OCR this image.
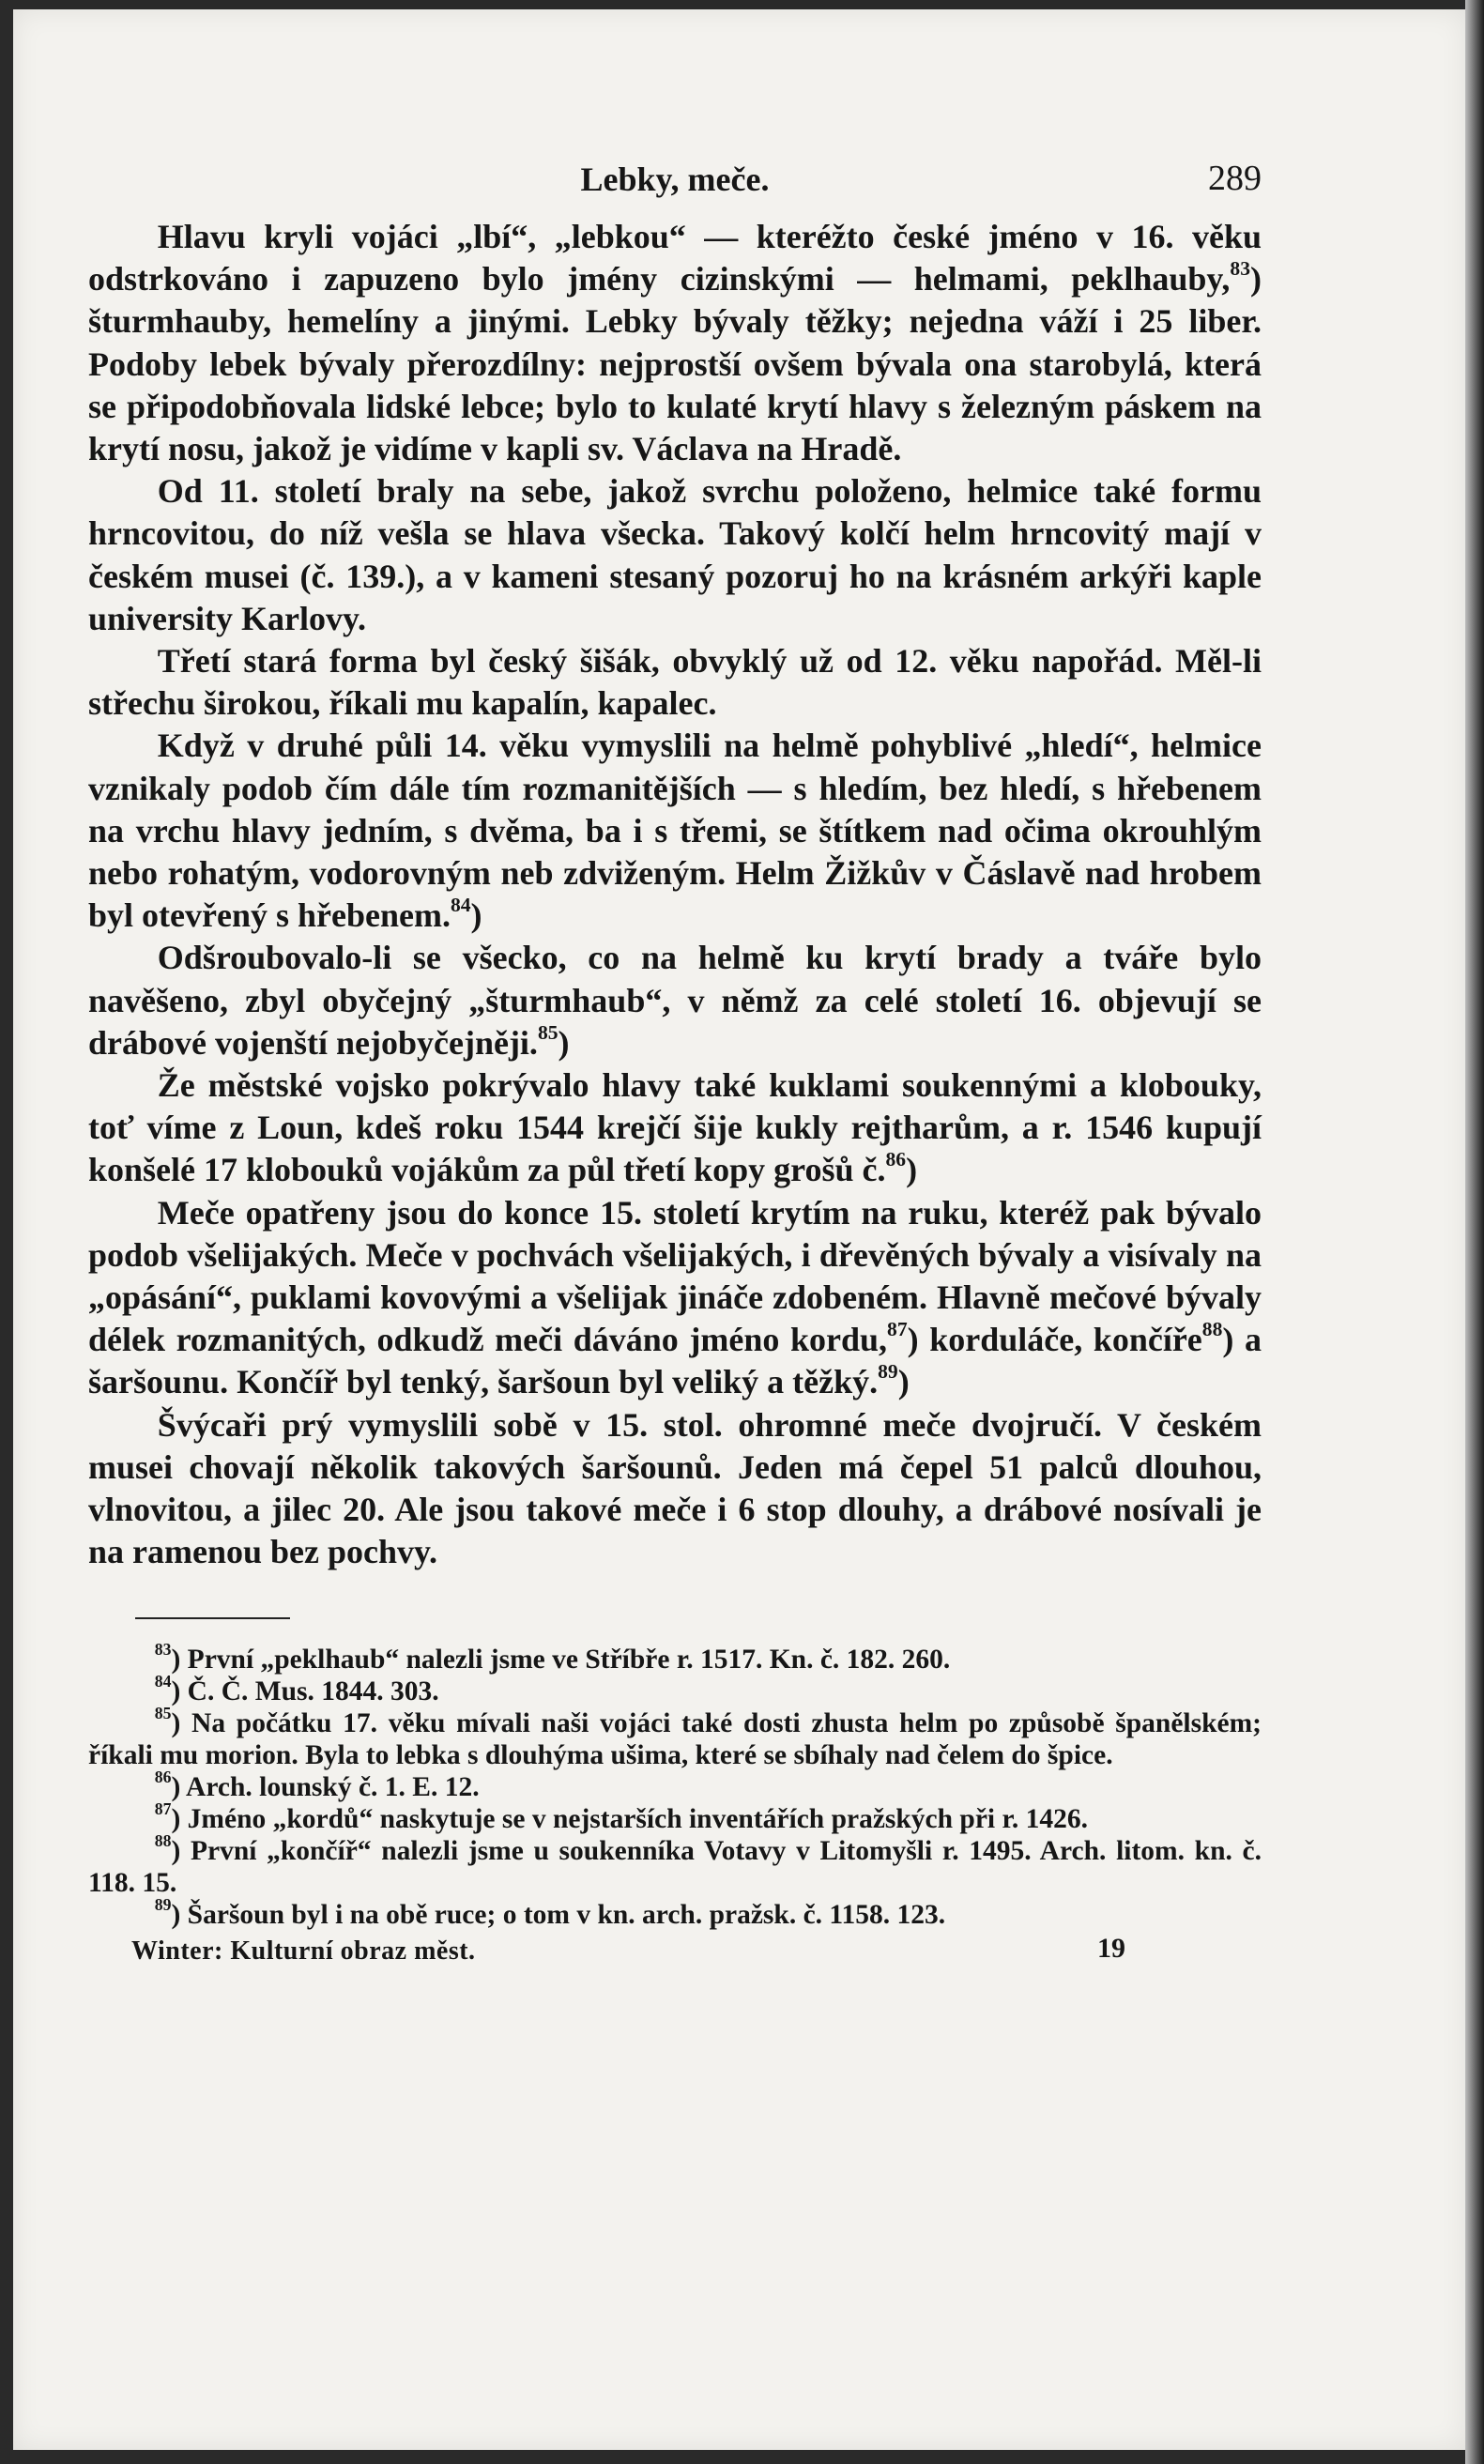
Lebky, meče.	289

Hlavu kryli vojáci „lbí“, „lebkou“ — kteréžto české jméno v 16. věku odstrkováno i zapuzeno bylo jmény cizinskými — helmami, peklhauby,$^{83}$) šturmhauby, hemelíny a jinými. Lebky bývaly těžky; nejedna váží i 25 liber. Podoby lebek bývaly přerozdílny: nejprostší ovšem bývala ona starobylá, která se připodobňovala lidské lebce; bylo to kulaté krytí hlavy s železným páskem na krytí nosu, jakož je vidíme v kapli sv. Václava na Hradě.

Od 11. století braly na sebe, jakož svrchu položeno, helmice také formu hrncovitou, do níž vešla se hlava všecka. Takový kolčí helm hrncovitý mají v českém musei (č. 139.), a v kameni stesaný pozoruj ho na krásném arkýři kaple university Karlovy.

Třetí stará forma byl český šišák, obvyklý už od 12. věku napořád. Měl-li střechu širokou, říkali mu kapalín, kapalec.

Když v druhé půli 14. věku vymyslili na helmě pohyblivé „hledí“, helmice vznikaly podob čím dále tím rozmanitějších — s hledím, bez hledí, s hřebenem na vrchu hlavy jedním, s dvěma, ba i s třemi, se štítkem nad očima okrouhlým nebo rohatým, vodorovným neb zdviženým. Helm Žižkův v Čáslavě nad hrobem byl otevřený s hřebenem.$^{84}$)

Odšroubovalo-li se všecko, co na helmě ku krytí brady a tváře bylo navěšeno, zbyl obyčejný „šturmhaub“, v němž za celé století 16. objevují se drábové vojenští nejobyčejněji.$^{85}$)

Že městské vojsko pokrývalo hlavy také kuklami soukennými a klobouky, toť víme z Loun, kdeš roku 1544 krejčí šije kukly rejtharům, a r. 1546 kupují konšelé 17 klobouků vojákům za půl třetí kopy grošů č.$^{86}$)

Meče opatřeny jsou do konce 15. století krytím na ruku, kteréž pak bývalo podob všelijakých. Meče v pochvách všelijakých, i dřevěných bývaly a visívaly na „opásání“, puklami kovovými a všelijak jináče zdobeném. Hlavně mečové bývaly délek rozmanitých, odkudž meči dáváno jméno kordu,$^{87}$) korduláče, končíře$^{88}$) a šaršounu. Končíř byl tenký, šaršoun byl veliký a těžký.$^{89}$)

Švýcaři prý vymyslili sobě v 15. stol. ohromné meče dvojručí. V českém musei chovají několik takových šaršounů. Jeden má čepel 51 palců dlouhou, vlnovitou, a jilec 20. Ale jsou takové meče i 6 stop dlouhy, a drábové nosívali je na ramenou bez pochvy.

$^{83}$) První „peklhaub“ nalezli jsme ve Stříbře r. 1517. Kn. č. 182. 260.

$^{84}$) Č. Č. Mus. 1844. 303.

$^{85}$) Na počátku 17. věku mívali naši vojáci také dosti zhusta helm po způsobě španělském; říkali mu morion. Byla to lebka s dlouhýma ušima, které se sbíhaly nad čelem do špice.

$^{86}$) Arch. lounský č. 1. E. 12.

$^{87}$) Jméno „kordů“ naskytuje se v nejstarších inventářích pražských při r. 1426.

$^{88}$) První „končíř“ nalezli jsme u soukenníka Votavy v Litomyšli r. 1495. Arch. litom. kn. č. 118. 15.

$^{89}$) Šaršoun byl i na obě ruce; o tom v kn. arch. pražsk. č. 1158. 123.

Winter: Kulturní obraz měst.	19
